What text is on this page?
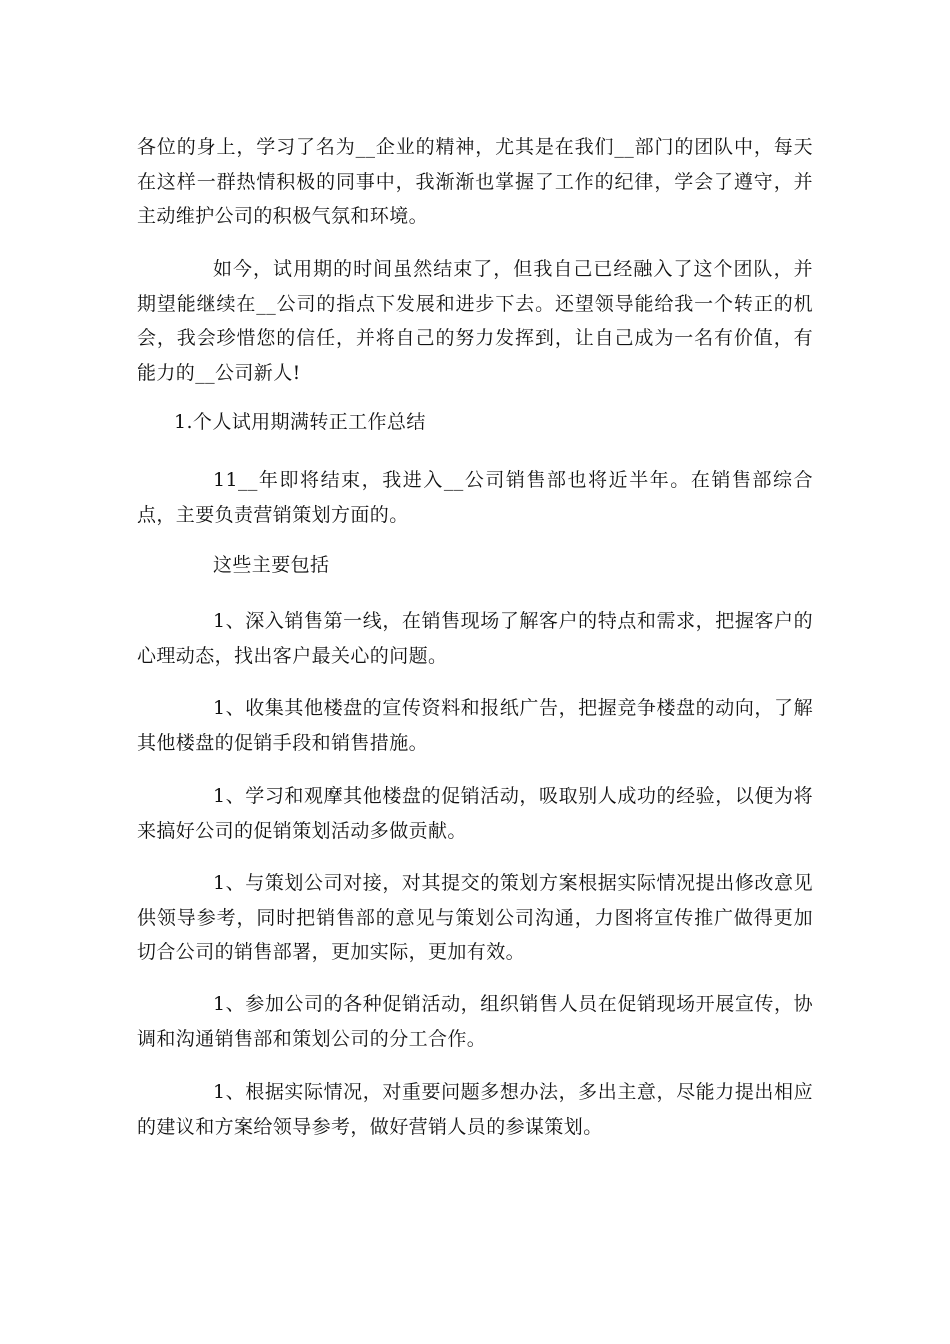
各位的身上，学习了名为__企业的精神，尤其是在我们__部门的团队中，每天在这样一群热情积极的同事中，我渐渐也掌握了工作的纪律，学会了遵守，并主动维护公司的积极气氛和环境。

如今，试用期的时间虽然结束了，但我自己已经融入了这个团队，并期望能继续在__公司的指点下发展和进步下去。还望领导能给我一个转正的机会，我会珍惜您的信任，并将自己的努力发挥到，让自己成为一名有价值，有能力的__公司新人!

1.个人试用期满转正工作总结

11__年即将结束，我进入__公司销售部也将近半年。在销售部综合点，主要负责营销策划方面的。

这些主要包括

1、深入销售第一线，在销售现场了解客户的特点和需求，把握客户的心理动态，找出客户最关心的问题。

1、收集其他楼盘的宣传资料和报纸广告，把握竞争楼盘的动向，了解其他楼盘的促销手段和销售措施。

1、学习和观摩其他楼盘的促销活动，吸取别人成功的经验，以便为将来搞好公司的促销策划活动多做贡献。

1、与策划公司对接，对其提交的策划方案根据实际情况提出修改意见供领导参考，同时把销售部的意见与策划公司沟通，力图将宣传推广做得更加切合公司的销售部署，更加实际，更加有效。

1、参加公司的各种促销活动，组织销售人员在促销现场开展宣传，协调和沟通销售部和策划公司的分工合作。

1、根据实际情况，对重要问题多想办法，多出主意，尽能力提出相应的建议和方案给领导参考，做好营销人员的参谋策划。
